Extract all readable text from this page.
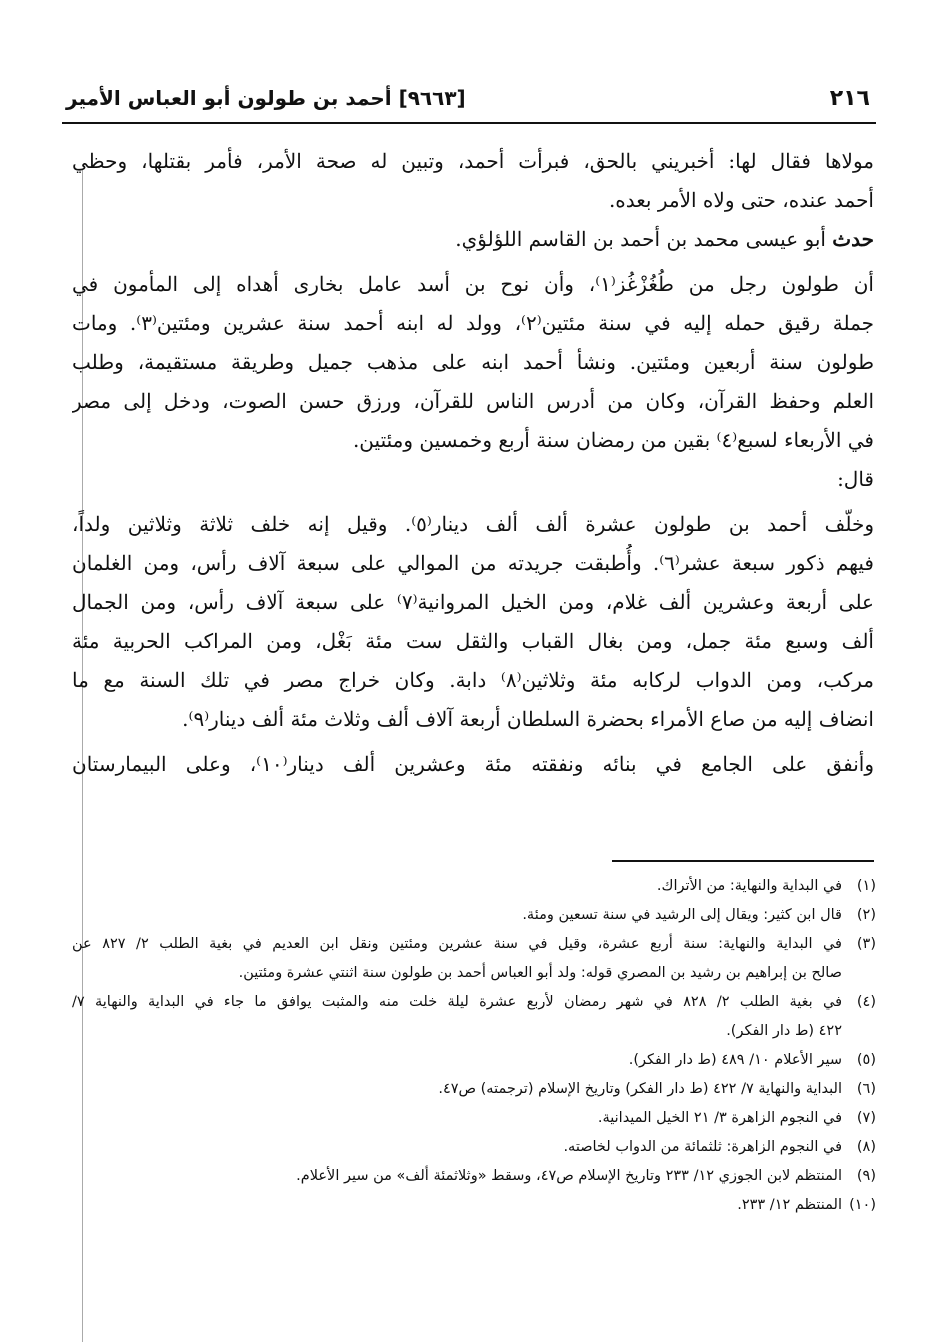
٢١٦
[٩٦٦٣] أحمد بن طولون أبو العباس الأمير
مولاها فقال لها: أخبريني بالحق، فبرأت أحمد، وتبين له صحة الأمر، فأمر بقتلها، وحظي
أحمد عنده، حتى ولاه الأمر بعده.
حدث أبو عيسى محمد بن أحمد بن القاسم اللؤلؤي.
أن طولون رجل من طُغُزْغُز⁽١⁾، وأن نوح بن أسد عامل بخارى أهداه إلى المأمون في
جملة رقيق حمله إليه في سنة مئتين⁽٢⁾، وولد له ابنه أحمد سنة عشرين ومئتين⁽٣⁾. ومات
طولون سنة أربعين ومئتين. ونشأ أحمد ابنه على مذهب جميل وطريقة مستقيمة، وطلب
العلم وحفظ القرآن، وكان من أدرس الناس للقرآن، ورزق حسن الصوت، ودخل إلى مصر
في الأربعاء لسبع⁽٤⁾ بقين من رمضان سنة أربع وخمسين ومئتين.
قال:
وخلّف أحمد بن طولون عشرة ألف ألف دينار⁽٥⁾. وقيل إنه خلف ثلاثة وثلاثين ولداً،
فيهم ذكور سبعة عشر⁽٦⁾. وأُطبقت جريدته من الموالي على سبعة آلاف رأس، ومن الغلمان
على أربعة وعشرين ألف غلام، ومن الخيل المروانية⁽٧⁾ على سبعة آلاف رأس، ومن الجمال
ألف وسبع مئة جمل، ومن بغال القباب والثقل ست مئة بَغْل، ومن المراكب الحربية مئة
مركب، ومن الدواب لركابه مئة وثلاثين⁽٨⁾ دابة. وكان خراج مصر في تلك السنة مع ما
انضاف إليه من صاع الأمراء بحضرة السلطان أربعة آلاف ألف وثلاث مئة ألف دينار⁽٩⁾.
وأنفق على الجامع في بنائه ونفقته مئة وعشرين ألف دينار⁽١٠⁾، وعلى البيمارستان
(١)
في البداية والنهاية: من الأتراك.
(٢)
قال ابن كثير: ويقال إلى الرشيد في سنة تسعين ومئة.
(٣)
في البداية والنهاية: سنة أربع عشرة، وقيل في سنة عشرين ومئتين ونقل ابن العديم في بغية الطلب ٢/ ٨٢٧ عن
صالح بن إبراهيم بن رشيد بن المصري قوله: ولد أبو العباس أحمد بن طولون سنة اثنتي عشرة ومئتين.
(٤)
في بغية الطلب ٢/ ٨٢٨ في شهر رمضان لأربع عشرة ليلة خلت منه والمثبت يوافق ما جاء في البداية والنهاية ٧/
٤٢٢ (ط دار الفكر).
(٥)
سير الأعلام ١٠/ ٤٨٩ (ط دار الفكر).
(٦)
البداية والنهاية ٧/ ٤٢٢ (ط دار الفكر) وتاريخ الإسلام (ترجمته) ص٤٧.
(٧)
في النجوم الزاهرة ٣/ ٢١ الخيل الميدانية.
(٨)
في النجوم الزاهرة: ثلثمائة من الدواب لخاصته.
(٩)
المنتظم لابن الجوزي ١٢/ ٢٣٣ وتاريخ الإسلام ص٤٧، وسقط «وثلاثمئة ألف» من سير الأعلام.
(١٠)
المنتظم ١٢/ ٢٣٣.
